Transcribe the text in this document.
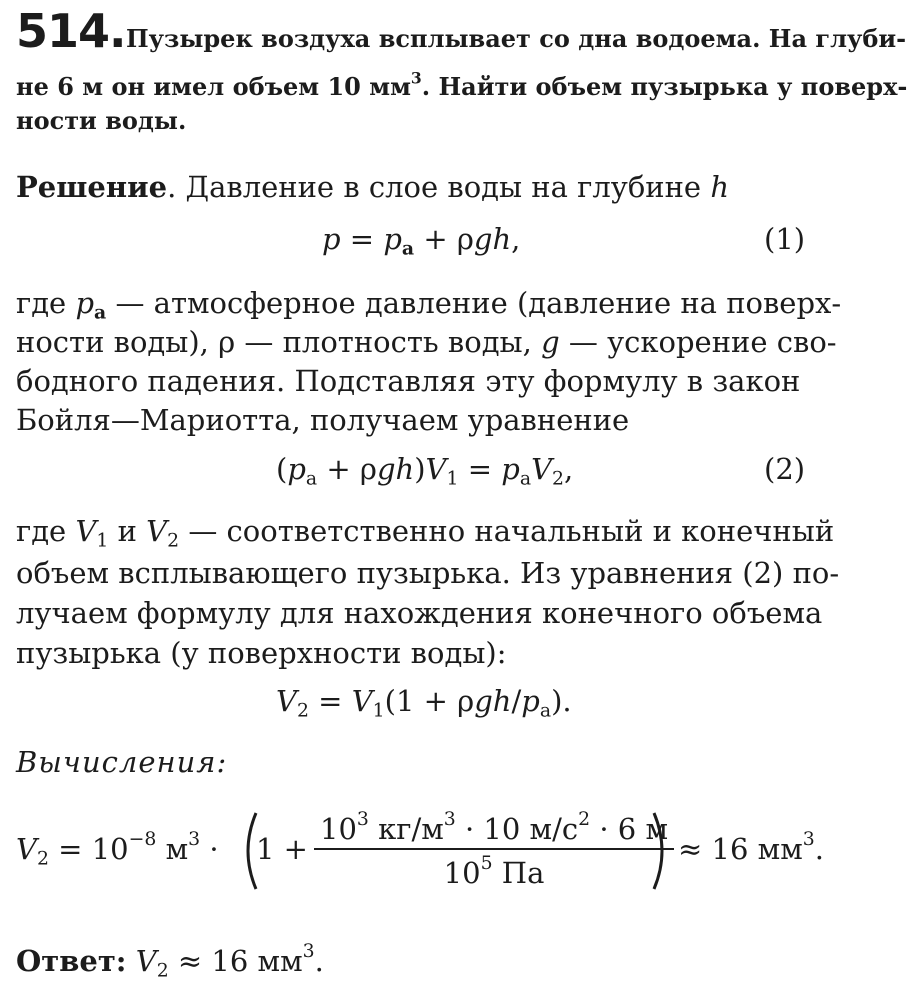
514. Пузырек воздуха всплывает со дна водоема. На глуби-
не 6 м он имел объем 10 $мм^3$. Найти объем пузырька у поверх-
ности воды.
Решение. Давление в слое воды на глубине h
$p = p_a + \rho gh$,	(1)
где $p_a$ — атмосферное давление (давление на поверх-
ности воды), ρ — плотность воды, g — ускорение сво-
бодного падения. Подставляя эту формулу в закон
Бойля—Мариотта, получаем уравнение
$(p_a + \rho gh)V_1 = p_aV_2$,	(2)
где $V_1$ и $V_2$ — соответственно начальный и конечный
объем всплывающего пузырька. Из уравнения (2) по-
лучаем формулу для нахождения конечного объема
пузырька (у поверхности воды):
$V_2 = V_1(1 + \rho gh/p_a)$.
Вычисления:
$V_2 = 10^{-8}$ $м^3 \cdot 1 + \frac{10^3 кг/м^3 \cdot 10 м/с^2 \cdot 6 м}{10^5 Па} \approx 16$ $мм^3$.
Ответ: $V_2 \approx 16$ $мм^3$.
